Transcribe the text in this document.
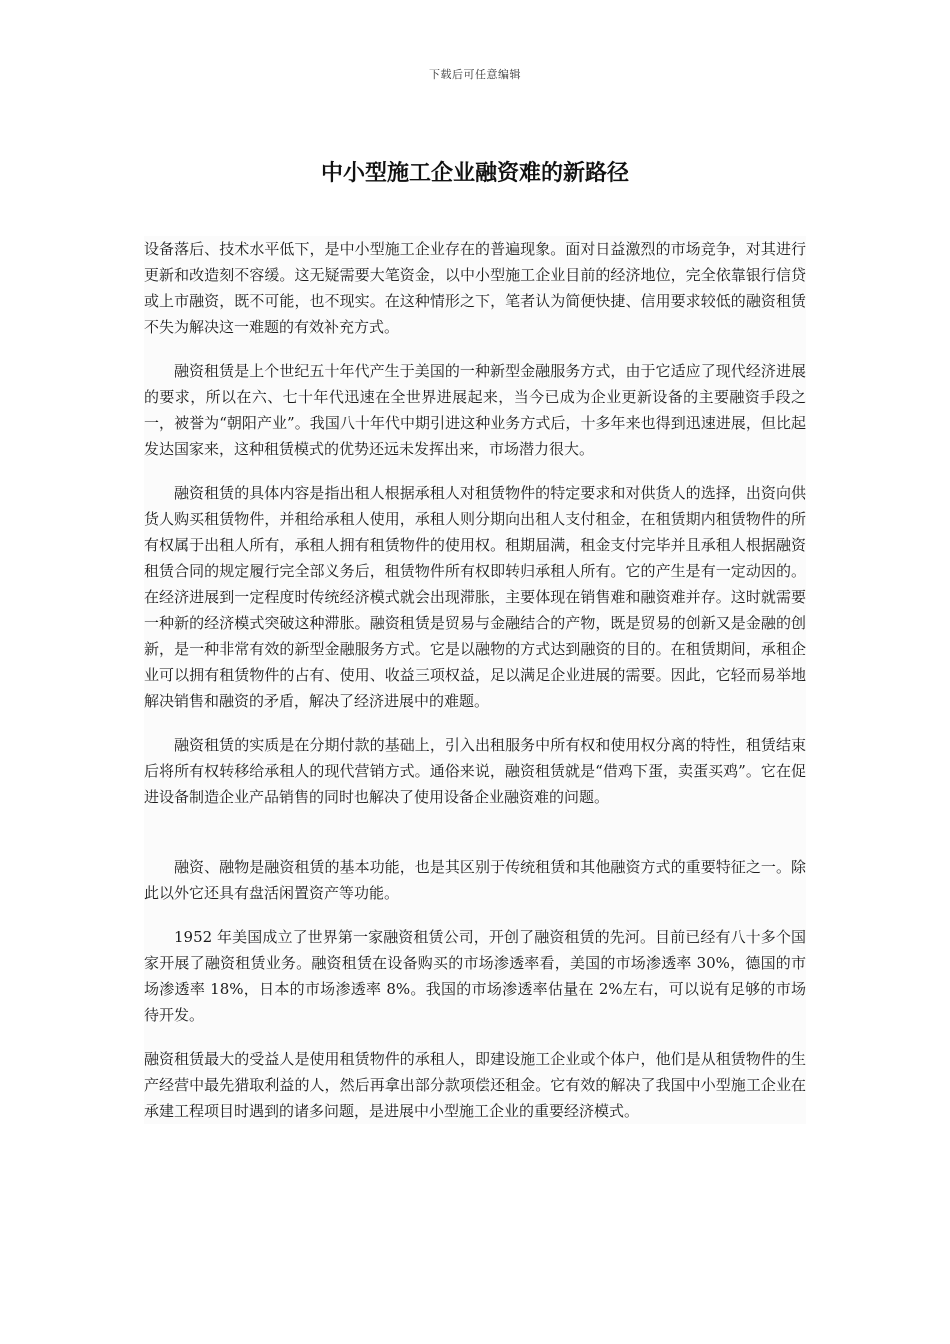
下载后可任意编辑
中小型施工企业融资难的新路径

设备落后、技术水平低下，是中小型施工企业存在的普遍现象。面对日益激烈的市场竞争，对其进行更新和改造刻不容缓。这无疑需要大笔资金，以中小型施工企业目前的经济地位，完全依靠银行信贷或上市融资，既不可能，也不现实。在这种情形之下，笔者认为简便快捷、信用要求较低的融资租赁不失为解决这一难题的有效补充方式。

融资租赁是上个世纪五十年代产生于美国的一种新型金融服务方式，由于它适应了现代经济进展的要求，所以在六、七十年代迅速在全世界进展起来，当今已成为企业更新设备的主要融资手段之一，被誉为“朝阳产业”。我国八十年代中期引进这种业务方式后，十多年来也得到迅速进展，但比起发达国家来，这种租赁模式的优势还远未发挥出来，市场潜力很大。

融资租赁的具体内容是指出租人根据承租人对租赁物件的特定要求和对供货人的选择，出资向供货人购买租赁物件，并租给承租人使用，承租人则分期向出租人支付租金，在租赁期内租赁物件的所有权属于出租人所有，承租人拥有租赁物件的使用权。租期届满，租金支付完毕并且承租人根据融资租赁合同的规定履行完全部义务后，租赁物件所有权即转归承租人所有。它的产生是有一定动因的。在经济进展到一定程度时传统经济模式就会出现滞胀，主要体现在销售难和融资难并存。这时就需要一种新的经济模式突破这种滞胀。融资租赁是贸易与金融结合的产物，既是贸易的创新又是金融的创新，是一种非常有效的新型金融服务方式。它是以融物的方式达到融资的目的。在租赁期间，承租企业可以拥有租赁物件的占有、使用、收益三项权益，足以满足企业进展的需要。因此，它轻而易举地解决销售和融资的矛盾，解决了经济进展中的难题。

融资租赁的实质是在分期付款的基础上，引入出租服务中所有权和使用权分离的特性，租赁结束后将所有权转移给承租人的现代营销方式。通俗来说，融资租赁就是“借鸡下蛋，卖蛋买鸡”。它在促进设备制造企业产品销售的同时也解决了使用设备企业融资难的问题。

融资、融物是融资租赁的基本功能，也是其区别于传统租赁和其他融资方式的重要特征之一。除此以外它还具有盘活闲置资产等功能。

1952 年美国成立了世界第一家融资租赁公司，开创了融资租赁的先河。目前已经有八十多个国家开展了融资租赁业务。融资租赁在设备购买的市场渗透率看，美国的市场渗透率 30%，德国的市场渗透率 18%，日本的市场渗透率 8%。我国的市场渗透率估量在 2%左右，可以说有足够的市场待开发。

融资租赁最大的受益人是使用租赁物件的承租人，即建设施工企业或个体户，他们是从租赁物件的生产经营中最先猎取利益的人，然后再拿出部分款项偿还租金。它有效的解决了我国中小型施工企业在承建工程项目时遇到的诸多问题，是进展中小型施工企业的重要经济模式。
